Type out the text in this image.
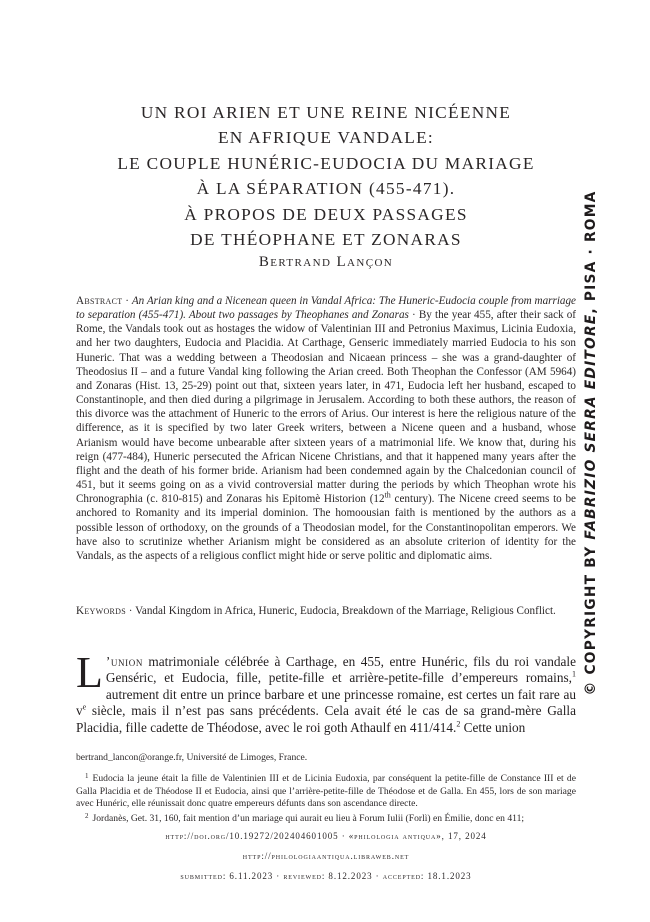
UN ROI ARIEN ET UNE REINE NICÉENNE
EN AFRIQUE VANDALE:
LE COUPLE HUNÉRIC-EUDOCIA DU MARIAGE
À LA SÉPARATION (455-471).
À PROPOS DE DEUX PASSAGES
DE THÉOPHANE ET ZONARAS
Bertrand Lançon

Abstract · An Arian king and a Nicenean queen in Vandal Africa: The Huneric-Eudocia couple from marriage to separation (455-471). About two passages by Theophanes and Zonaras · By the year 455, after their sack of Rome, the Vandals took out as hostages the widow of Valentinian III and Petronius Maximus, Licinia Eudoxia, and her two daughters, Eudocia and Placidia. At Carthage, Genseric immediately married Eudocia to his son Huneric. That was a wedding between a Theodosian and Nicaean princess – she was a grand-daughter of Theodosius II – and a future Vandal king following the Arian creed. Both Theophan the Confessor (AM 5964) and Zonaras (Hist. 13, 25-29) point out that, sixteen years later, in 471, Eudocia left her husband, escaped to Constantinople, and then died during a pilgrimage in Jerusalem. According to both these authors, the reason of this divorce was the attachment of Huneric to the errors of Arius. Our interest is here the religious nature of the difference, as it is specified by two later Greek writers, between a Nicene queen and a husband, whose Arianism would have become unbearable after sixteen years of a matrimonial life. We know that, during his reign (477-484), Huneric persecuted the African Nicene Christians, and that it happened many years after the flight and the death of his former bride. Arianism had been condemned again by the Chalcedonian council of 451, but it seems going on as a vivid controversial matter during the periods by which Theophan wrote his Chronographia (c. 810-815) and Zonaras his Epitomè Historion (12th century). The Nicene creed seems to be anchored to Romanity and its imperial dominion. The homoousian faith is mentioned by the authors as a possible lesson of orthodoxy, on the grounds of a Theodosian model, for the Constantinopolitan emperors. We have also to scrutinize whether Arianism might be considered as an absolute criterion of identity for the Vandals, as the aspects of a religious conflict might hide or serve politic and diplomatic aims.

Keywords · Vandal Kingdom in Africa, Huneric, Eudocia, Breakdown of the Marriage, Religious Conflict.

L ’union matrimoniale célébrée à Carthage, en 455, entre Hunéric, fils du roi vandale Genséric, et Eudocia, fille, petite-fille et arrière-petite-fille d’empereurs romains,$^1$ autrement dit entre un prince barbare et une princesse romaine, est certes un fait rare au $v^e$ siècle, mais il n’est pas sans précédents. Cela avait été le cas de sa grand-mère Galla Placidia, fille cadette de Théodose, avec le roi goth Athaulf en 411/414.$^2$ Cette union

bertrand_lancon@orange.fr, Université de Limoges, France.

$^1$ Eudocia la jeune était la fille de Valentinien III et de Licinia Eudoxia, par conséquent la petite-fille de Constance III et de Galla Placidia et de Théodose II et Eudocia, ainsi que l’arrière-petite-fille de Théodose et de Galla. En 455, lors de son mariage avec Hunéric, elle réunissait donc quatre empereurs défunts dans son ascendance directe.

$^2$ Jordanès, Get. 31, 160, fait mention d’un mariage qui aurait eu lieu à Forum Iulii (Forlì) en Émilie, donc en 411;

http://doi.org/10.19272/202404601005 · «philologia antiqua», 17, 2024
http://philologiaantiqua.libraweb.net
submitted: 6.11.2023 · reviewed: 8.12.2023 · accepted: 18.1.2023
© COPYRIGHT BY FABRIZIO SERRA EDITORE, PISA · ROMA
